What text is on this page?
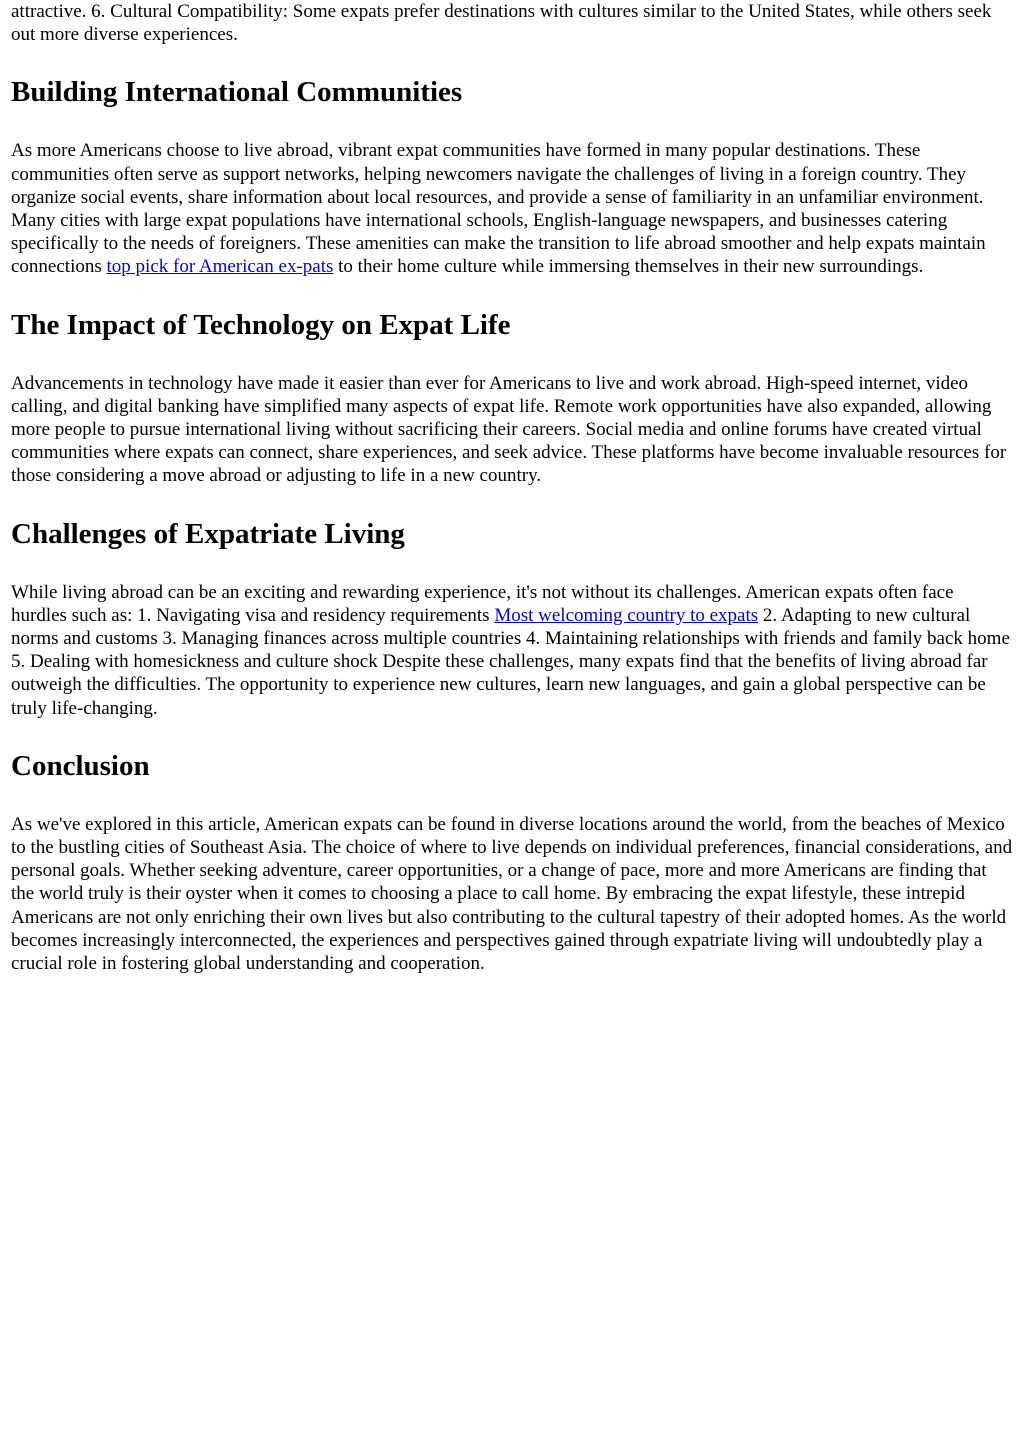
attractive. 6. Cultural Compatibility: Some expats prefer destinations with cultures similar to the United States, while others seek out more diverse experiences.

Building International Communities

As more Americans choose to live abroad, vibrant expat communities have formed in many popular destinations. These communities often serve as support networks, helping newcomers navigate the challenges of living in a foreign country. They organize social events, share information about local resources, and provide a sense of familiarity in an unfamiliar environment. Many cities with large expat populations have international schools, English-language newspapers, and businesses catering specifically to the needs of foreigners. These amenities can make the transition to life abroad smoother and help expats maintain connections top pick for American ex-pats to their home culture while immersing themselves in their new surroundings.

The Impact of Technology on Expat Life

Advancements in technology have made it easier than ever for Americans to live and work abroad. High-speed internet, video calling, and digital banking have simplified many aspects of expat life. Remote work opportunities have also expanded, allowing more people to pursue international living without sacrificing their careers. Social media and online forums have created virtual communities where expats can connect, share experiences, and seek advice. These platforms have become invaluable resources for those considering a move abroad or adjusting to life in a new country.

Challenges of Expatriate Living

While living abroad can be an exciting and rewarding experience, it's not without its challenges. American expats often face hurdles such as: 1. Navigating visa and residency requirements Most welcoming country to expats 2. Adapting to new cultural norms and customs 3. Managing finances across multiple countries 4. Maintaining relationships with friends and family back home 5. Dealing with homesickness and culture shock Despite these challenges, many expats find that the benefits of living abroad far outweigh the difficulties. The opportunity to experience new cultures, learn new languages, and gain a global perspective can be truly life-changing.

Conclusion

As we've explored in this article, American expats can be found in diverse locations around the world, from the beaches of Mexico to the bustling cities of Southeast Asia. The choice of where to live depends on individual preferences, financial considerations, and personal goals. Whether seeking adventure, career opportunities, or a change of pace, more and more Americans are finding that the world truly is their oyster when it comes to choosing a place to call home. By embracing the expat lifestyle, these intrepid Americans are not only enriching their own lives but also contributing to the cultural tapestry of their adopted homes. As the world becomes increasingly interconnected, the experiences and perspectives gained through expatriate living will undoubtedly play a crucial role in fostering global understanding and cooperation.
